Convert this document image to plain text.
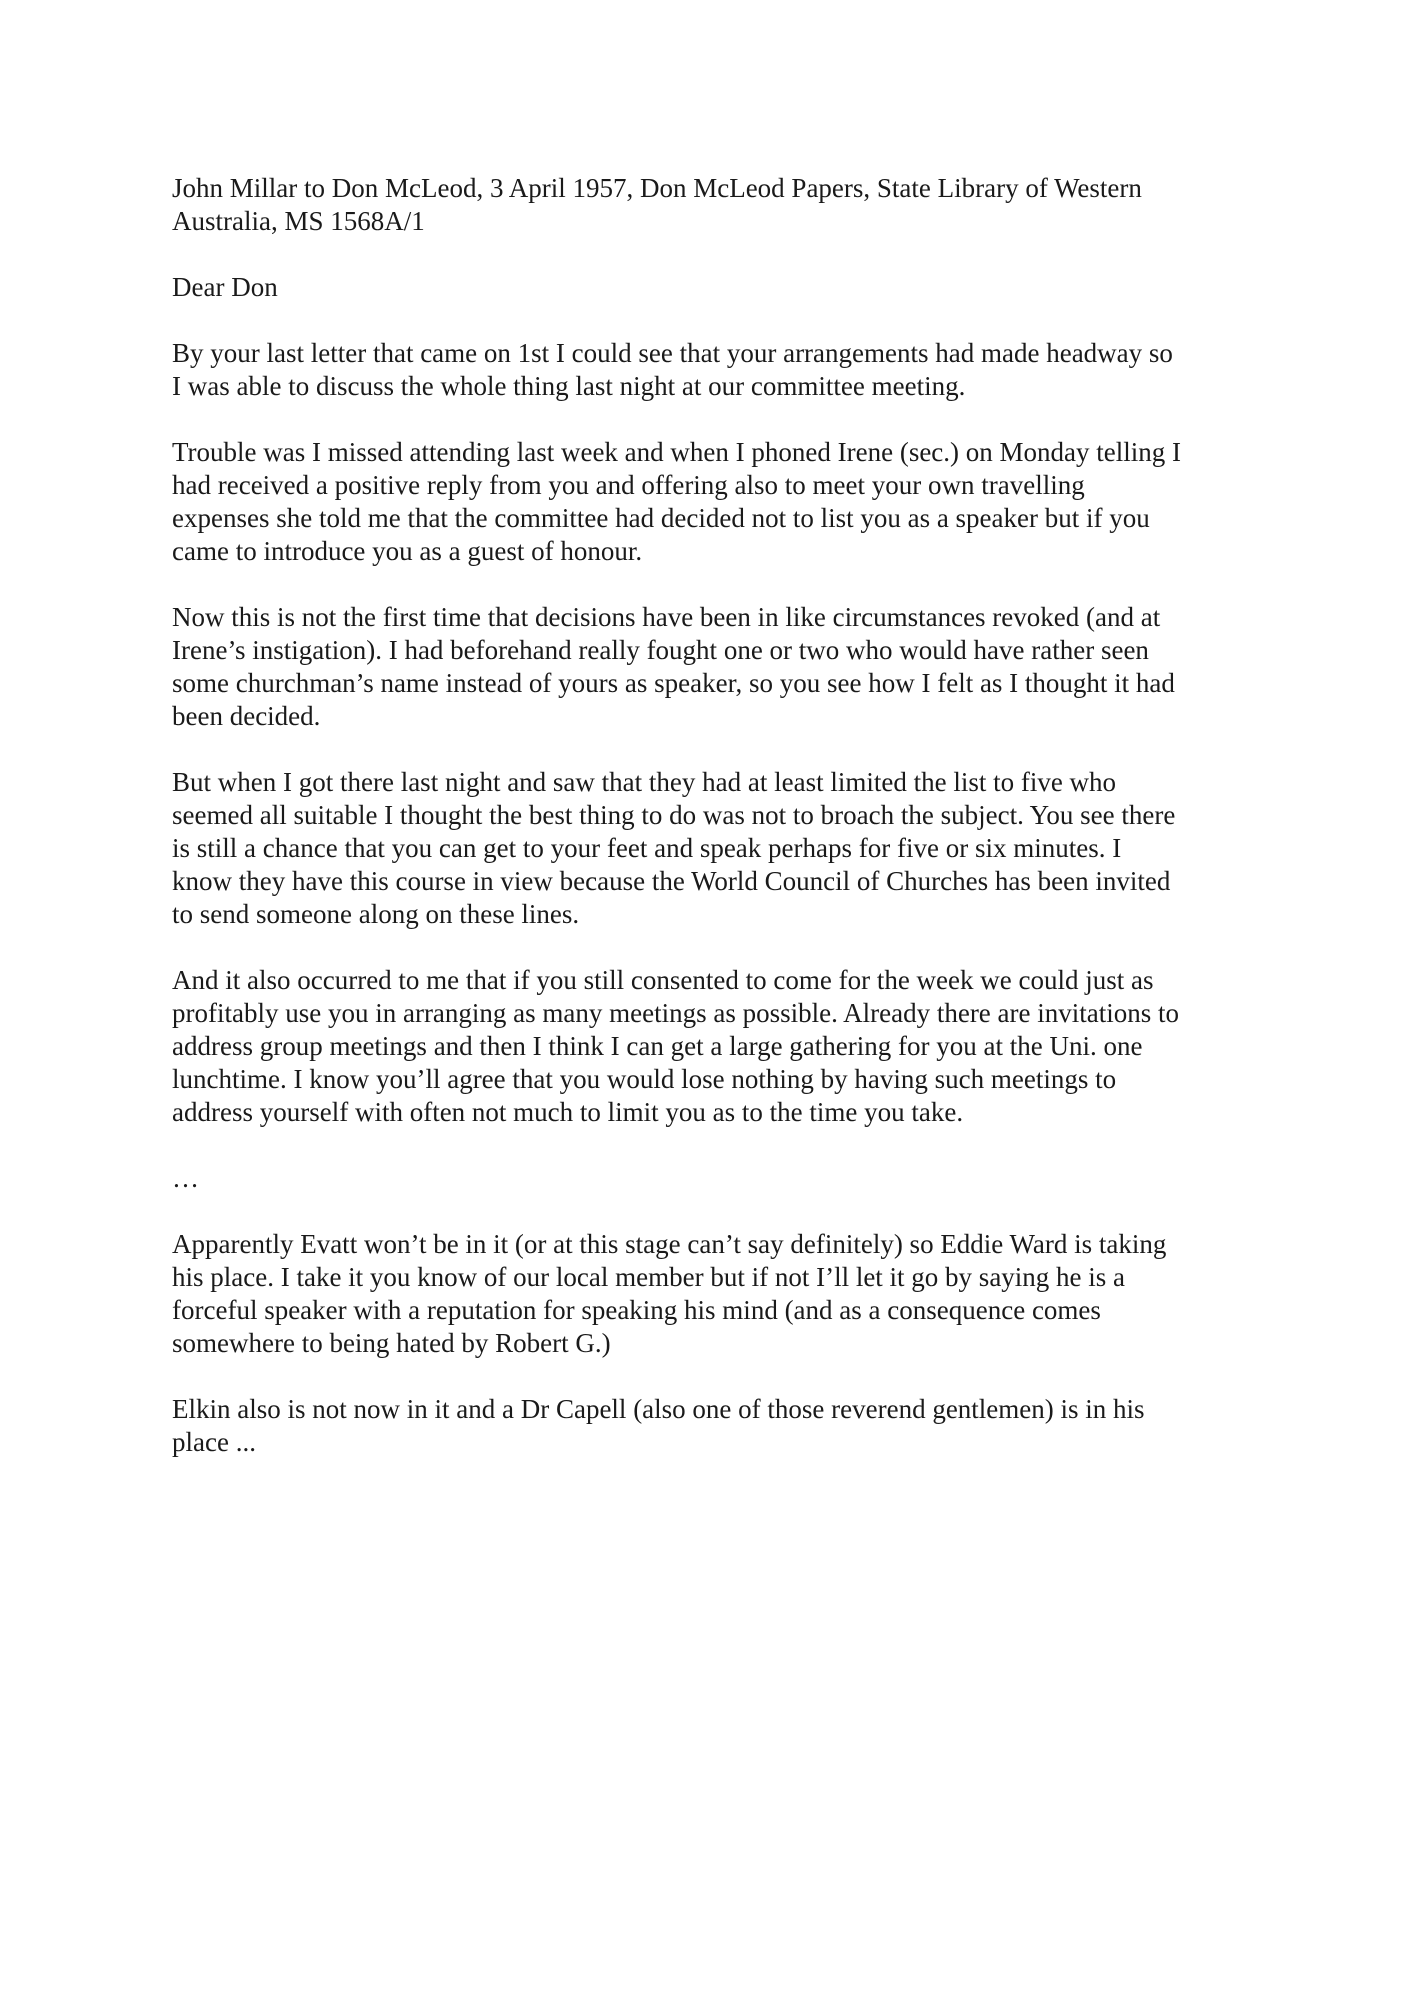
John Millar to Don McLeod, 3 April 1957, Don McLeod Papers, State Library of Western
Australia, MS 1568A/1
Dear Don
By your last letter that came on 1st I could see that your arrangements had made headway so
I was able to discuss the whole thing last night at our committee meeting.
Trouble was I missed attending last week and when I phoned Irene (sec.) on Monday telling I
had received a positive reply from you and offering also to meet your own travelling
expenses she told me that the committee had decided not to list you as a speaker but if you
came to introduce you as a guest of honour.
Now this is not the first time that decisions have been in like circumstances revoked (and at
Irene’s instigation). I had beforehand really fought one or two who would have rather seen
some churchman’s name instead of yours as speaker, so you see how I felt as I thought it had
been decided.
But when I got there last night and saw that they had at least limited the list to five who
seemed all suitable I thought the best thing to do was not to broach the subject. You see there
is still a chance that you can get to your feet and speak perhaps for five or six minutes. I
know they have this course in view because the World Council of Churches has been invited
to send someone along on these lines.
And it also occurred to me that if you still consented to come for the week we could just as
profitably use you in arranging as many meetings as possible. Already there are invitations to
address group meetings and then I think I can get a large gathering for you at the Uni. one
lunchtime. I know you’ll agree that you would lose nothing by having such meetings to
address yourself with often not much to limit you as to the time you take.
…
Apparently Evatt won’t be in it (or at this stage can’t say definitely) so Eddie Ward is taking
his place. I take it you know of our local member but if not I’ll let it go by saying he is a
forceful speaker with a reputation for speaking his mind (and as a consequence comes
somewhere to being hated by Robert G.)
Elkin also is not now in it and a Dr Capell (also one of those reverend gentlemen) is in his
place ...
